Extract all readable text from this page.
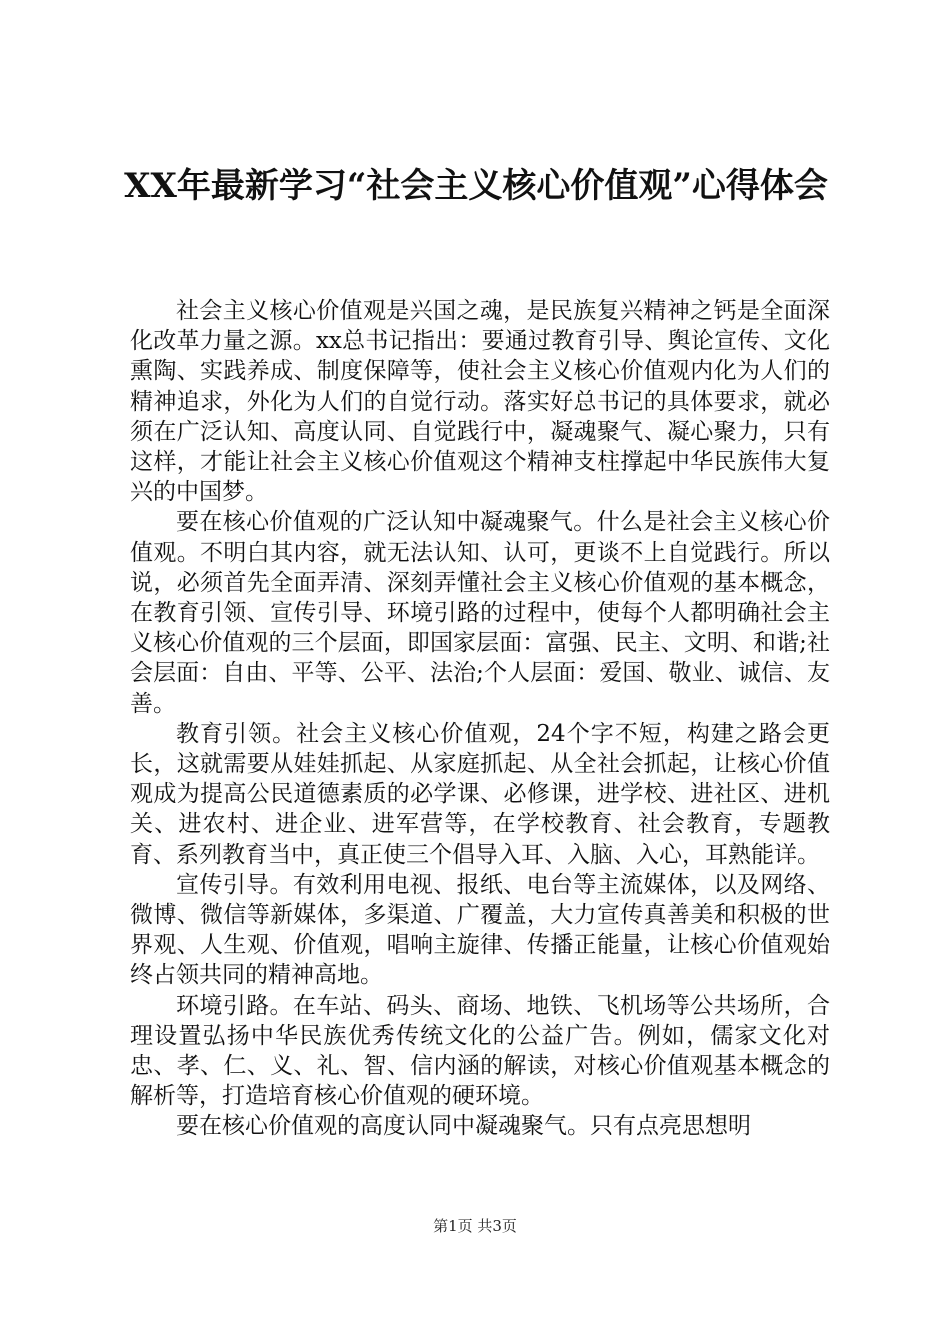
XX年最新学习“社会主义核心价值观”心得体会

社会主义核心价值观是兴国之魂，是民族复兴精神之钙是全面深化改革力量之源。xx总书记指出：要通过教育引导、舆论宣传、文化熏陶、实践养成、制度保障等，使社会主义核心价值观内化为人们的精神追求，外化为人们的自觉行动。落实好总书记的具体要求，就必须在广泛认知、高度认同、自觉践行中，凝魂聚气、凝心聚力，只有这样，才能让社会主义核心价值观这个精神支柱撑起中华民族伟大复兴的中国梦。

要在核心价值观的广泛认知中凝魂聚气。什么是社会主义核心价值观。不明白其内容，就无法认知、认可，更谈不上自觉践行。所以说，必须首先全面弄清、深刻弄懂社会主义核心价值观的基本概念，在教育引领、宣传引导、环境引路的过程中，使每个人都明确社会主义核心价值观的三个层面，即国家层面：富强、民主、文明、和谐;社会层面：自由、平等、公平、法治;个人层面：爱国、敬业、诚信、友善。

教育引领。社会主义核心价值观，24个字不短，构建之路会更长，这就需要从娃娃抓起、从家庭抓起、从全社会抓起，让核心价值观成为提高公民道德素质的必学课、必修课，进学校、进社区、进机关、进农村、进企业、进军营等，在学校教育、社会教育，专题教育、系列教育当中，真正使三个倡导入耳、入脑、入心，耳熟能详。

宣传引导。有效利用电视、报纸、电台等主流媒体，以及网络、微博、微信等新媒体，多渠道、广覆盖，大力宣传真善美和积极的世界观、人生观、价值观，唱响主旋律、传播正能量，让核心价值观始终占领共同的精神高地。

环境引路。在车站、码头、商场、地铁、飞机场等公共场所，合理设置弘扬中华民族优秀传统文化的公益广告。例如，儒家文化对忠、孝、仁、义、礼、智、信内涵的解读，对核心价值观基本概念的解析等，打造培育核心价值观的硬环境。

要在核心价值观的高度认同中凝魂聚气。只有点亮思想明

第1页 共3页
